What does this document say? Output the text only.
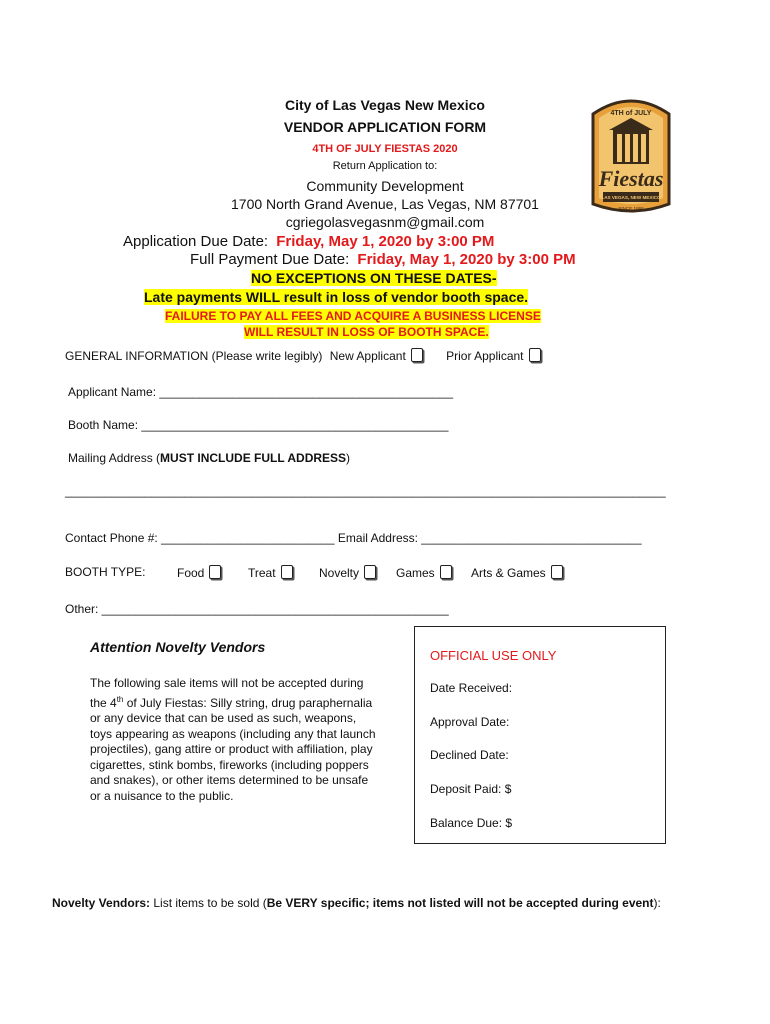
City of Las Vegas New Mexico
VENDOR APPLICATION FORM
4TH OF JULY FIESTAS 2020
Return Application to:
Community Development
1700 North Grand Avenue, Las Vegas, NM 87701
cgriegolasvegasnm@gmail.com
4TH of JULY
Fiestas
LAS VEGAS, NEW MEXICO
SINCE 1886
Application Due Date: Friday, May 1, 2020 by 3:00 PM
Full Payment Due Date: Friday, May 1, 2020 by 3:00 PM
NO EXCEPTIONS ON THESE DATES-
Late payments WILL result in loss of vendor booth space.
FAILURE TO PAY ALL FEES AND ACQUIRE A BUSINESS LICENSE
WILL RESULT IN LOSS OF BOOTH SPACE.
GENERAL INFORMATION (Please write legibly) New Applicant	Prior Applicant
Applicant Name: ____________________________________________
Booth Name: ______________________________________________
Mailing Address (MUST INCLUDE FULL ADDRESS)
__________________________________________________________________________________________
Contact Phone #: __________________________ Email Address: _________________________________
BOOTH TYPE:	Food	Treat	Novelty	Games	Arts & Games
Other: ____________________________________________________
Attention Novelty Vendors
The following sale items will not be accepted during the 4th of July Fiestas: Silly string, drug paraphernalia or any device that can be used as such, weapons, toys appearing as weapons (including any that launch projectiles), gang attire or product with affiliation, play cigarettes, stink bombs, fireworks (including poppers and snakes), or other items determined to be unsafe or a nuisance to the public.
OFFICIAL USE ONLY
Date Received:
Approval Date:
Declined Date:
Deposit Paid: $
Balance Due: $
Novelty Vendors: List items to be sold (Be VERY specific; items not listed will not be accepted during event):
